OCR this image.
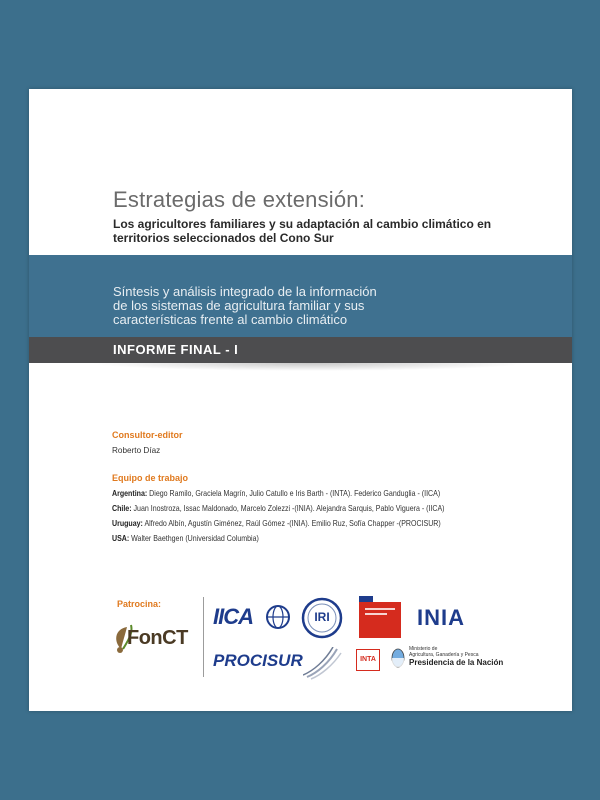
Estrategias de extensión:
Los agricultores familiares y su adaptación al cambio climático en territorios seleccionados del Cono Sur
Síntesis y análisis integrado de la información
de los sistemas de agricultura familiar y sus
características frente al cambio climático
INFORME FINAL - I
Consultor-editor
Roberto Díaz
Equipo de trabajo
Argentina: Diego Ramilo, Graciela Magrín, Julio Catullo e Iris Barth - (INTA). Federico Ganduglia - (IICA)
Chile: Juan Inostroza, Issac Maldonado, Marcelo Zolezzi -(INIA). Alejandra Sarquis, Pablo Viguera - (IICA)
Uruguay: Alfredo Albín, Agustín Giménez, Raúl Gómez -(INIA). Emilio Ruz, Sofía Chapper -(PROCISUR)
USA: Walter Baethgen (Universidad Columbia)
Patrocina:
FonCT
IICA	IRI	INIA
PROCISUR	INTA
Ministerio de
Agricultura, Ganadería y Pesca
Presidencia de la Nación
